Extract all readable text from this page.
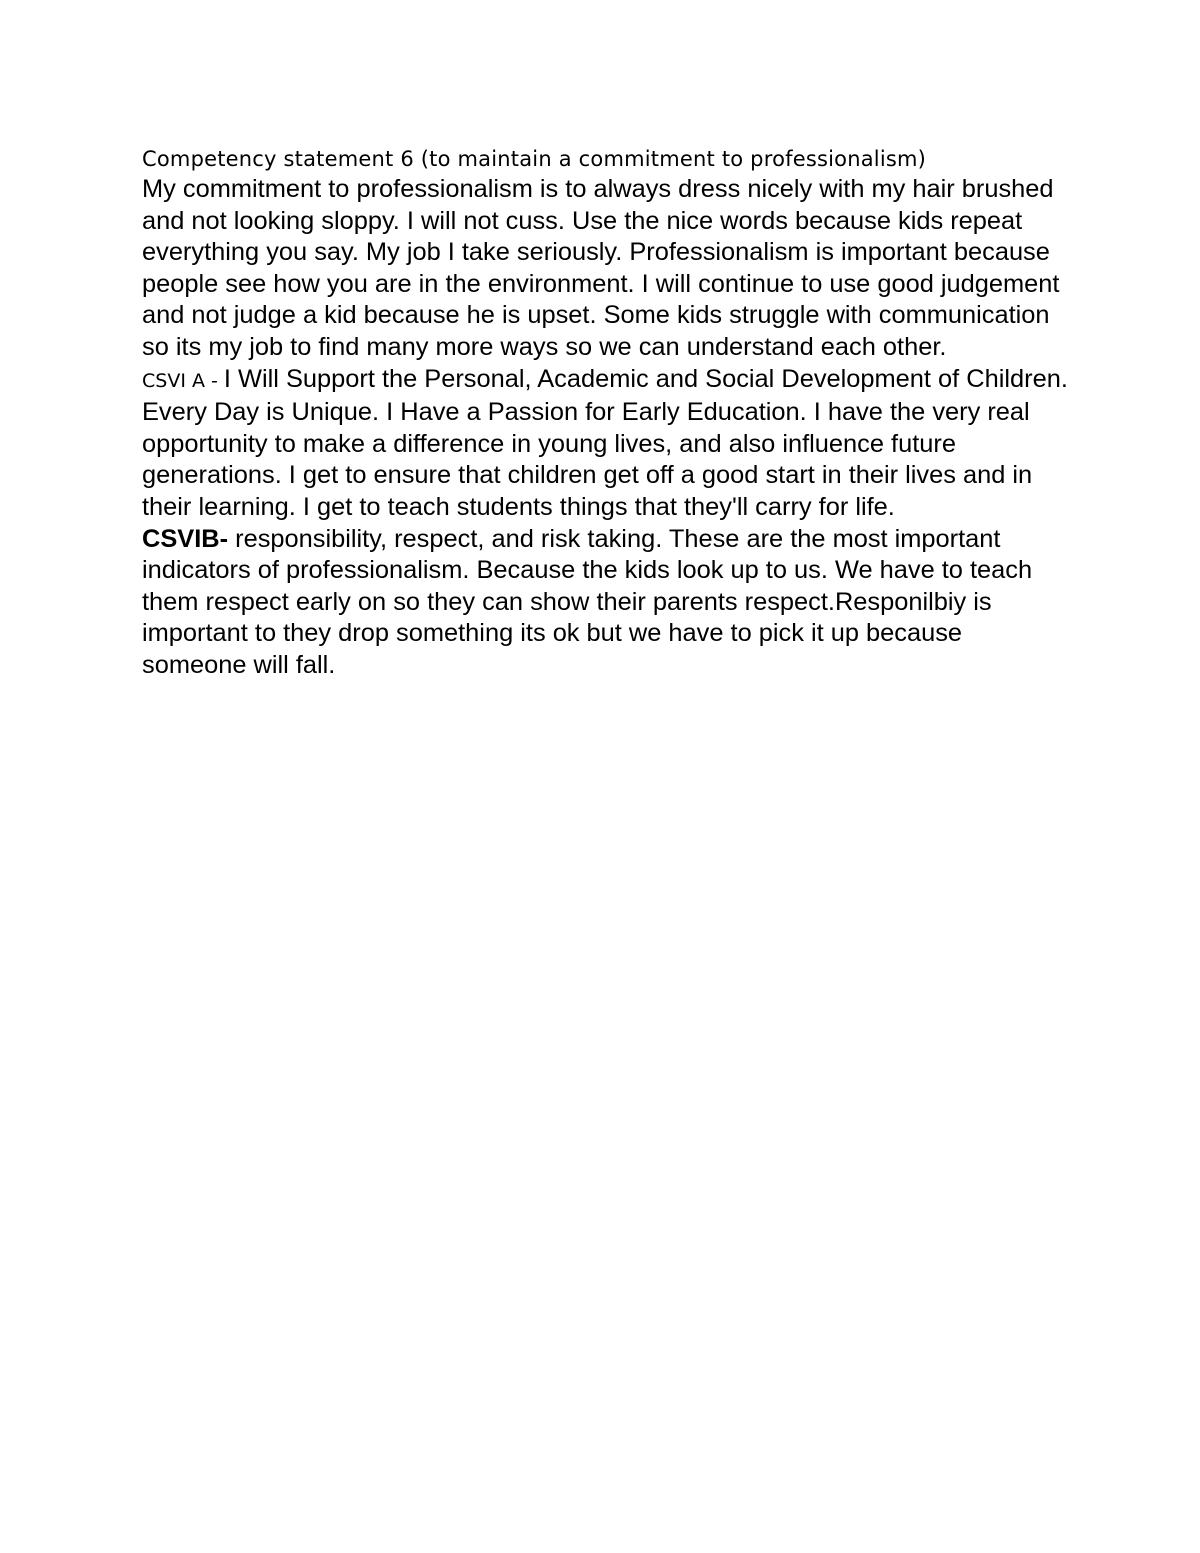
Competency statement 6 (to maintain a commitment to professionalism)

My commitment to professionalism is to always dress nicely with my hair brushed and not looking sloppy. I will not cuss. Use the nice words because kids repeat everything you say. My job I take seriously. Professionalism is important because people see how you are in the environment. I will continue to use good judgement and not judge a kid because he is upset. Some kids struggle with communication so its my job to find many more ways so we can understand each other.

CSVI A - I Will Support the Personal, Academic and Social Development of Children. Every Day is Unique. I Have a Passion for Early Education. I have the very real opportunity to make a difference in young lives, and also influence future generations. I get to ensure that children get off a good start in their lives and in their learning. I get to teach students things that they'll carry for life.

CSVIB- responsibility, respect, and risk taking. These are the most important indicators of professionalism. Because the kids look up to us. We have to teach them respect early on so they can show their parents respect.Responilbiy is important to they drop something its ok but we have to pick it up because someone will fall.
